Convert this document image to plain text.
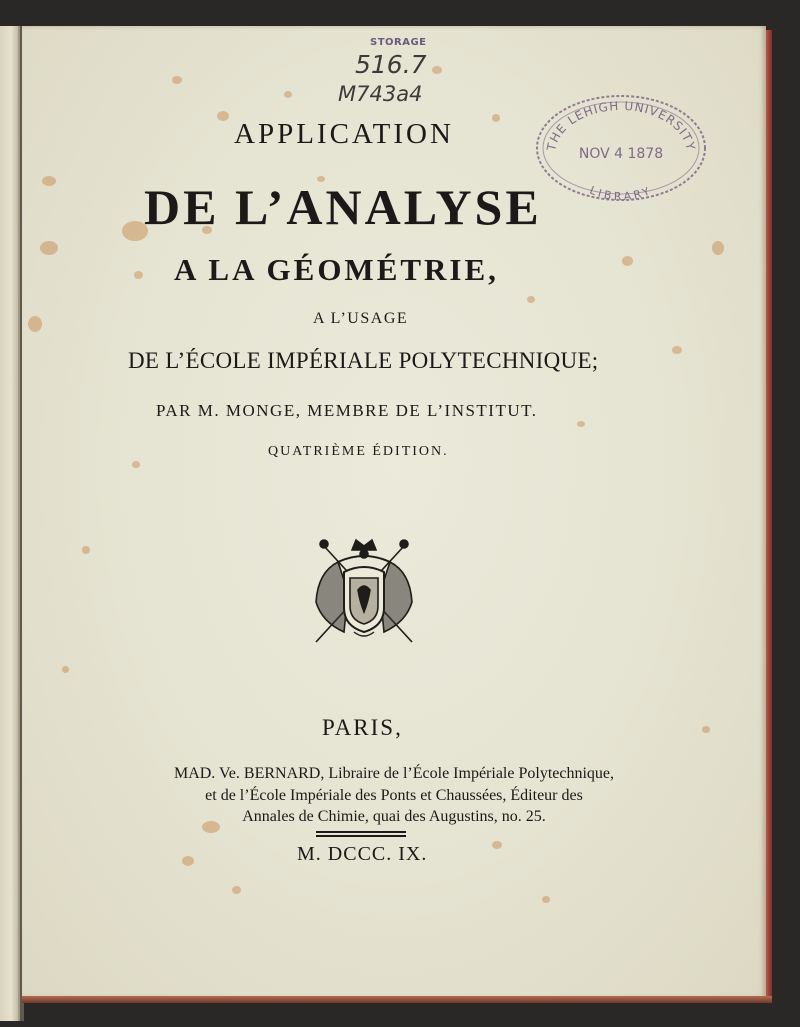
STORAGE
516.7
M743a4
THE LEHIGH UNIVERSITY
NOV 4 1878
LIBRARY
APPLICATION
DE L’ANALYSE
A LA GÉOMÉTRIE,
A L’USAGE
DE L’ÉCOLE IMPÉRIALE POLYTECHNIQUE;
PAR M. MONGE, MEMBRE DE L’INSTITUT.
QUATRIÈME ÉDITION.
PARIS,
MAD. Ve. BERNARD, Libraire de l’École Impériale Polytechnique,
et de l’École Impériale des Ponts et Chaussées, Éditeur des
Annales de Chimie, quai des Augustins, no. 25.
M. DCCC. IX.
